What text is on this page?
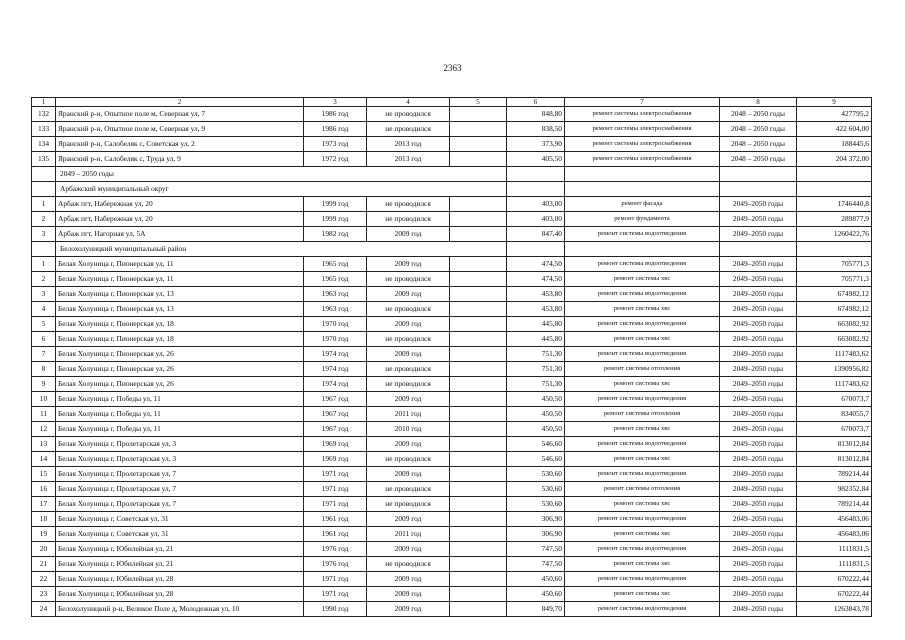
2363
1	2	3	4	5	6	7	8	9
132	Яранский р-н, Опытное поле м, Северная ул, 7	1986 год	не проводился		848,80	ремонт системы электроснабжения	2048 – 2050 годы	427795,2
133	Яранский р-н, Опытное поле м, Северная ул, 9	1986 год	не проводился		838,50	ремонт системы электроснабжения	2048 – 2050 годы	422 604,00
134	Яранский р-н, Салобеляк с, Советская ул, 2	1973 год	2013 год		373,90	ремонт системы электроснабжения	2048 – 2050 годы	188445,6
135	Яранский р-н, Салобеляк с, Труда ул, 9	1972 год	2013 год		405,50	ремонт системы электроснабжения	2048 – 2050 годы	204 372,00
	2049 – 2050 годы							
	Арбажский муниципальный округ							
1	Арбаж пгт, Набережная ул, 20	1999 год	не проводился		403,00	ремонт фасада	2049–2050 годы	1746440,8
2	Арбаж пгт, Набережная ул, 20	1999 год	не проводился		403,00	ремонт фундамента	2049–2050 годы	289877,9
3	Арбаж пгт, Нагорная ул, 5А	1982 год	2009 год		847,40	ремонт системы водоотведения	2049–2050 годы	1260422,76
	Белохолуницкий муниципальный район							
1	Белая Холуница г, Пионерская ул, 11	1965 год	2009 год		474,50	ремонт системы водоотведения	2049–2050 годы	705771,3
2	Белая Холуница г, Пионерская ул, 11	1965 год	не проводился		474,50	ремонт системы хвс	2049–2050 годы	705771,3
3	Белая Холуница г, Пионерская ул, 13	1963 год	2009 год		453,80	ремонт системы водоотведения	2049–2050 годы	674982,12
4	Белая Холуница г, Пионерская ул, 13	1963 год	не проводился		453,80	ремонт системы хвс	2049–2050 годы	674982,12
5	Белая Холуница г, Пионерская ул, 18	1970 год	2009 год		445,80	ремонт системы водоотведения	2049–2050 годы	663082,92
6	Белая Холуница г, Пионерская ул, 18	1970 год	не проводился		445,80	ремонт системы хвс	2049–2050 годы	663082,92
7	Белая Холуница г, Пионерская ул, 26	1974 год	2009 год		751,30	ремонт системы водоотведения	2049–2050 годы	1117483,62
8	Белая Холуница г, Пионерская ул, 26	1974 год	не проводился		751,30	ремонт системы отопления	2049–2050 годы	1390956,82
9	Белая Холуница г, Пионерская ул, 26	1974 год	не проводился		751,30	ремонт системы хвс	2049–2050 годы	1117483,62
10	Белая Холуница г, Победы ул, 11	1967 год	2009 год		450,50	ремонт системы водоотведения	2049–2050 годы	670073,7
11	Белая Холуница г, Победы ул, 11	1967 год	2011 год		450,50	ремонт системы отопления	2049–2050 годы	834055,7
12	Белая Холуница г, Победы ул, 11	1967 год	2010 год		450,50	ремонт системы хвс	2049–2050 годы	670073,7
13	Белая Холуница г, Пролетарская ул, 3	1969 год	2009 год		546,60	ремонт системы водоотведения	2049–2050 годы	813012,84
14	Белая Холуница г, Пролетарская ул, 3	1969 год	не проводился		546,60	ремонт системы хвс	2049–2050 годы	813012,84
15	Белая Холуница г, Пролетарская ул, 7	1971 год	2009 год		530,60	ремонт системы водоотведения	2049–2050 годы	789214,44
16	Белая Холуница г, Пролетарская ул, 7	1971 год	не проводился		530,60	ремонт системы отопления	2049–2050 годы	982352,84
17	Белая Холуница г, Пролетарская ул, 7	1971 год	не проводился		530,60	ремонт системы хвс	2049–2050 годы	789214,44
18	Белая Холуница г, Советская ул, 31	1961 год	2009 год		306,90	ремонт системы водоотведения	2049–2050 годы	456483,06
19	Белая Холуница г, Советская ул, 31	1961 год	2011 год		306,90	ремонт системы хвс	2049–2050 годы	456483,06
20	Белая Холуница г, Юбилейная ул, 21	1976 год	2009 год		747,50	ремонт системы водоотведения	2049–2050 годы	1111831,5
21	Белая Холуница г, Юбилейная ул, 21	1976 год	не проводился		747,50	ремонт системы хвс	2049–2050 годы	1111831,5
22	Белая Холуница г, Юбилейная ул, 28	1971 год	2009 год		450,60	ремонт системы водоотведения	2049–2050 годы	670222,44
23	Белая Холуница г, Юбилейная ул, 28	1971 год	2009 год		450,60	ремонт системы хвс	2049–2050 годы	670222,44
24	Белохолуницкий р-н, Великое Поле д, Молодежная ул, 10	1990 год	2009 год		849,70	ремонт системы водоотведения	2049–2050 годы	1263843,78
